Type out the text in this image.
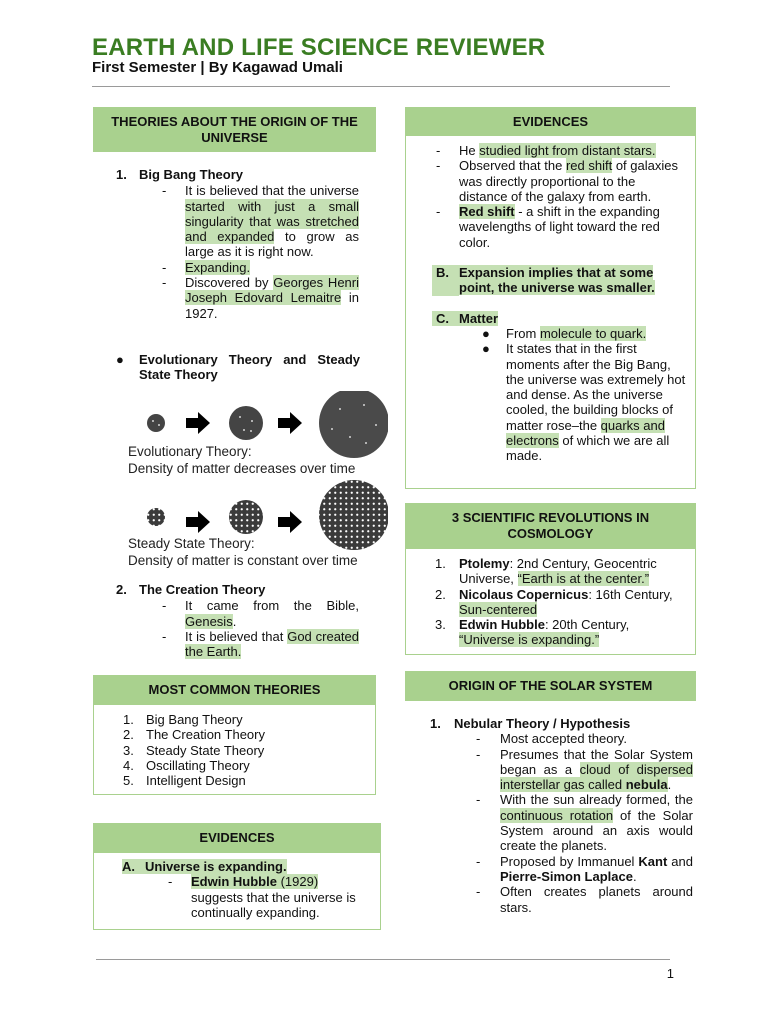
EARTH AND LIFE SCIENCE REVIEWER
First Semester | By Kagawad Umali
THEORIES ABOUT THE ORIGIN OF THE UNIVERSE
1. Big Bang Theory
-	It is believed that the universe started with just a small singularity that was stretched and expanded to grow as large as it is right now.
-	Expanding.
-	Discovered by Georges Henri Joseph Edovard Lemaitre in 1927.
●	Evolutionary Theory and Steady State Theory
Evolutionary Theory:
Density of matter decreases over time
Steady State Theory:
Density of matter is constant over time
2. The Creation Theory
-	It came from the Bible, Genesis.
-	It is believed that God created the Earth.
MOST COMMON THEORIES
1. Big Bang Theory
2. The Creation Theory
3. Steady State Theory
4. Oscillating Theory
5. Intelligent Design
EVIDENCES
A. Universe is expanding.
-	Edwin Hubble (1929) suggests that the universe is continually expanding.
EVIDENCES
-	He studied light from distant stars.
-	Observed that the red shift of galaxies was directly proportional to the distance of the galaxy from earth.
-	Red shift - a shift in the expanding wavelengths of light toward the red color.
B. Expansion implies that at some point, the universe was smaller.
C. Matter
●	From molecule to quark.
●	It states that in the first moments after the Big Bang, the universe was extremely hot and dense. As the universe cooled, the building blocks of matter rose–the quarks and electrons of which we are all made.
3 SCIENTIFIC REVOLUTIONS IN COSMOLOGY
1.	Ptolemy: 2nd Century, Geocentric Universe, “Earth is at the center.”
2.	Nicolaus Copernicus: 16th Century, Sun-centered
3.	Edwin Hubble: 20th Century, “Universe is expanding.”
ORIGIN OF THE SOLAR SYSTEM
1.	Nebular Theory / Hypothesis
-	Most accepted theory.
-	Presumes that the Solar System began as a cloud of dispersed interstellar gas called nebula.
-	With the sun already formed, the continuous rotation of the Solar System around an axis would create the planets.
-	Proposed by Immanuel Kant and Pierre-Simon Laplace.
-	Often creates planets around stars.
1
